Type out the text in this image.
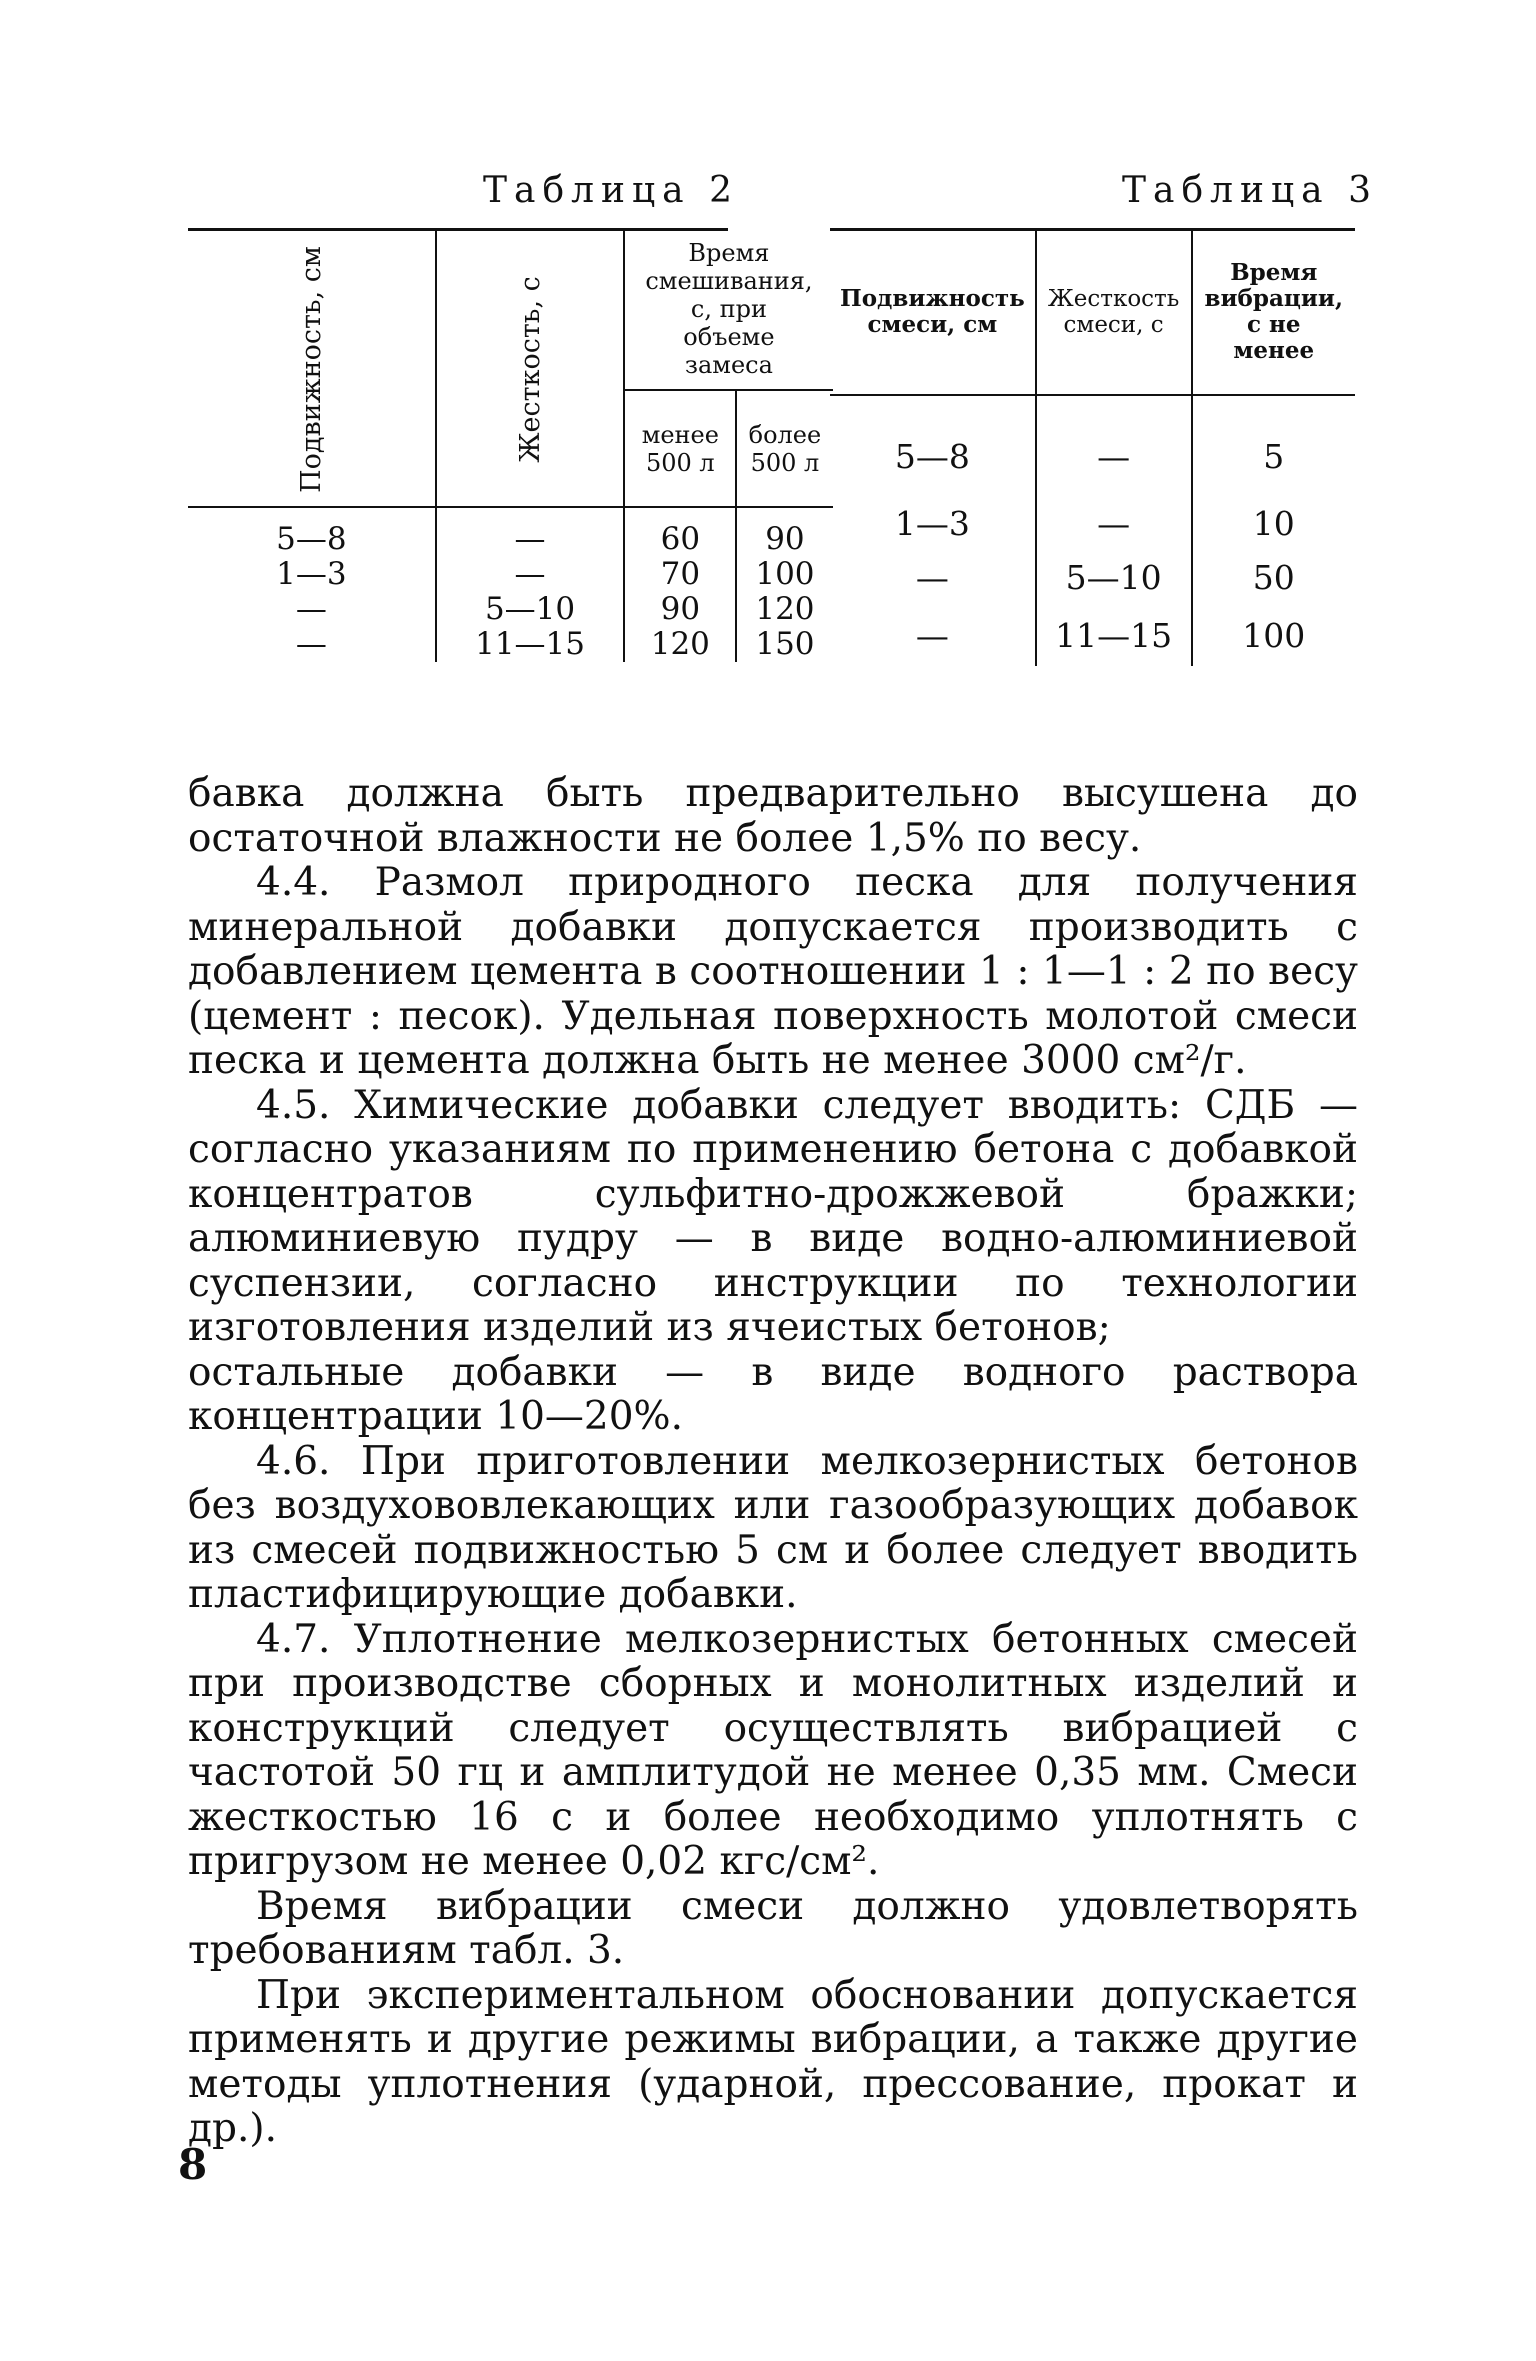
Таблица 2
Подвижность, см	Жесткость, с	Время смешивания, с, при объеме замеса	
		менее 500 л	более 500 л
5—8	—	60	90
1—3	—	70	100
—	5—10	90	120
—	11—15	120	150
Таблица 3
Подвижность смеси, см	Жесткость смеси, с	Время вибрации, с не менее
5—8	—	5
1—3	—	10
—	5—10	50
—	11—15	100

бавка должна быть предварительно высушена до остаточной влажности не более 1,5% по весу.

4.4. Размол природного песка для получения минеральной добавки допускается производить с добавлением цемента в соотношении 1 : 1—1 : 2 по весу (цемент : песок). Удельная поверхность молотой смеси песка и цемента должна быть не менее 3000 см²/г.

4.5. Химические добавки следует вводить: СДБ — согласно указаниям по применению бетона с добавкой концентратов сульфитно-дрожжевой бражки; алюминиевую пудру — в виде водно-алюминиевой суспензии, согласно инструкции по технологии изготовления изделий из ячеистых бетонов;

остальные добавки — в виде водного раствора концентрации 10—20%.

4.6. При приготовлении мелкозернистых бетонов без воздухововлекающих или газообразующих добавок из смесей подвижностью 5 см и более следует вводить пластифицирующие добавки.

4.7. Уплотнение мелкозернистых бетонных смесей при производстве сборных и монолитных изделий и конструкций следует осуществлять вибрацией с частотой 50 гц и амплитудой не менее 0,35 мм. Смеси жесткостью 16 с и более необходимо уплотнять с пригрузом не менее 0,02 кгс/см².

Время вибрации смеси должно удовлетворять требованиям табл. 3.

При экспериментальном обосновании допускается применять и другие режимы вибрации, а также другие методы уплотнения (ударной, прессование, прокат и др.).

8
